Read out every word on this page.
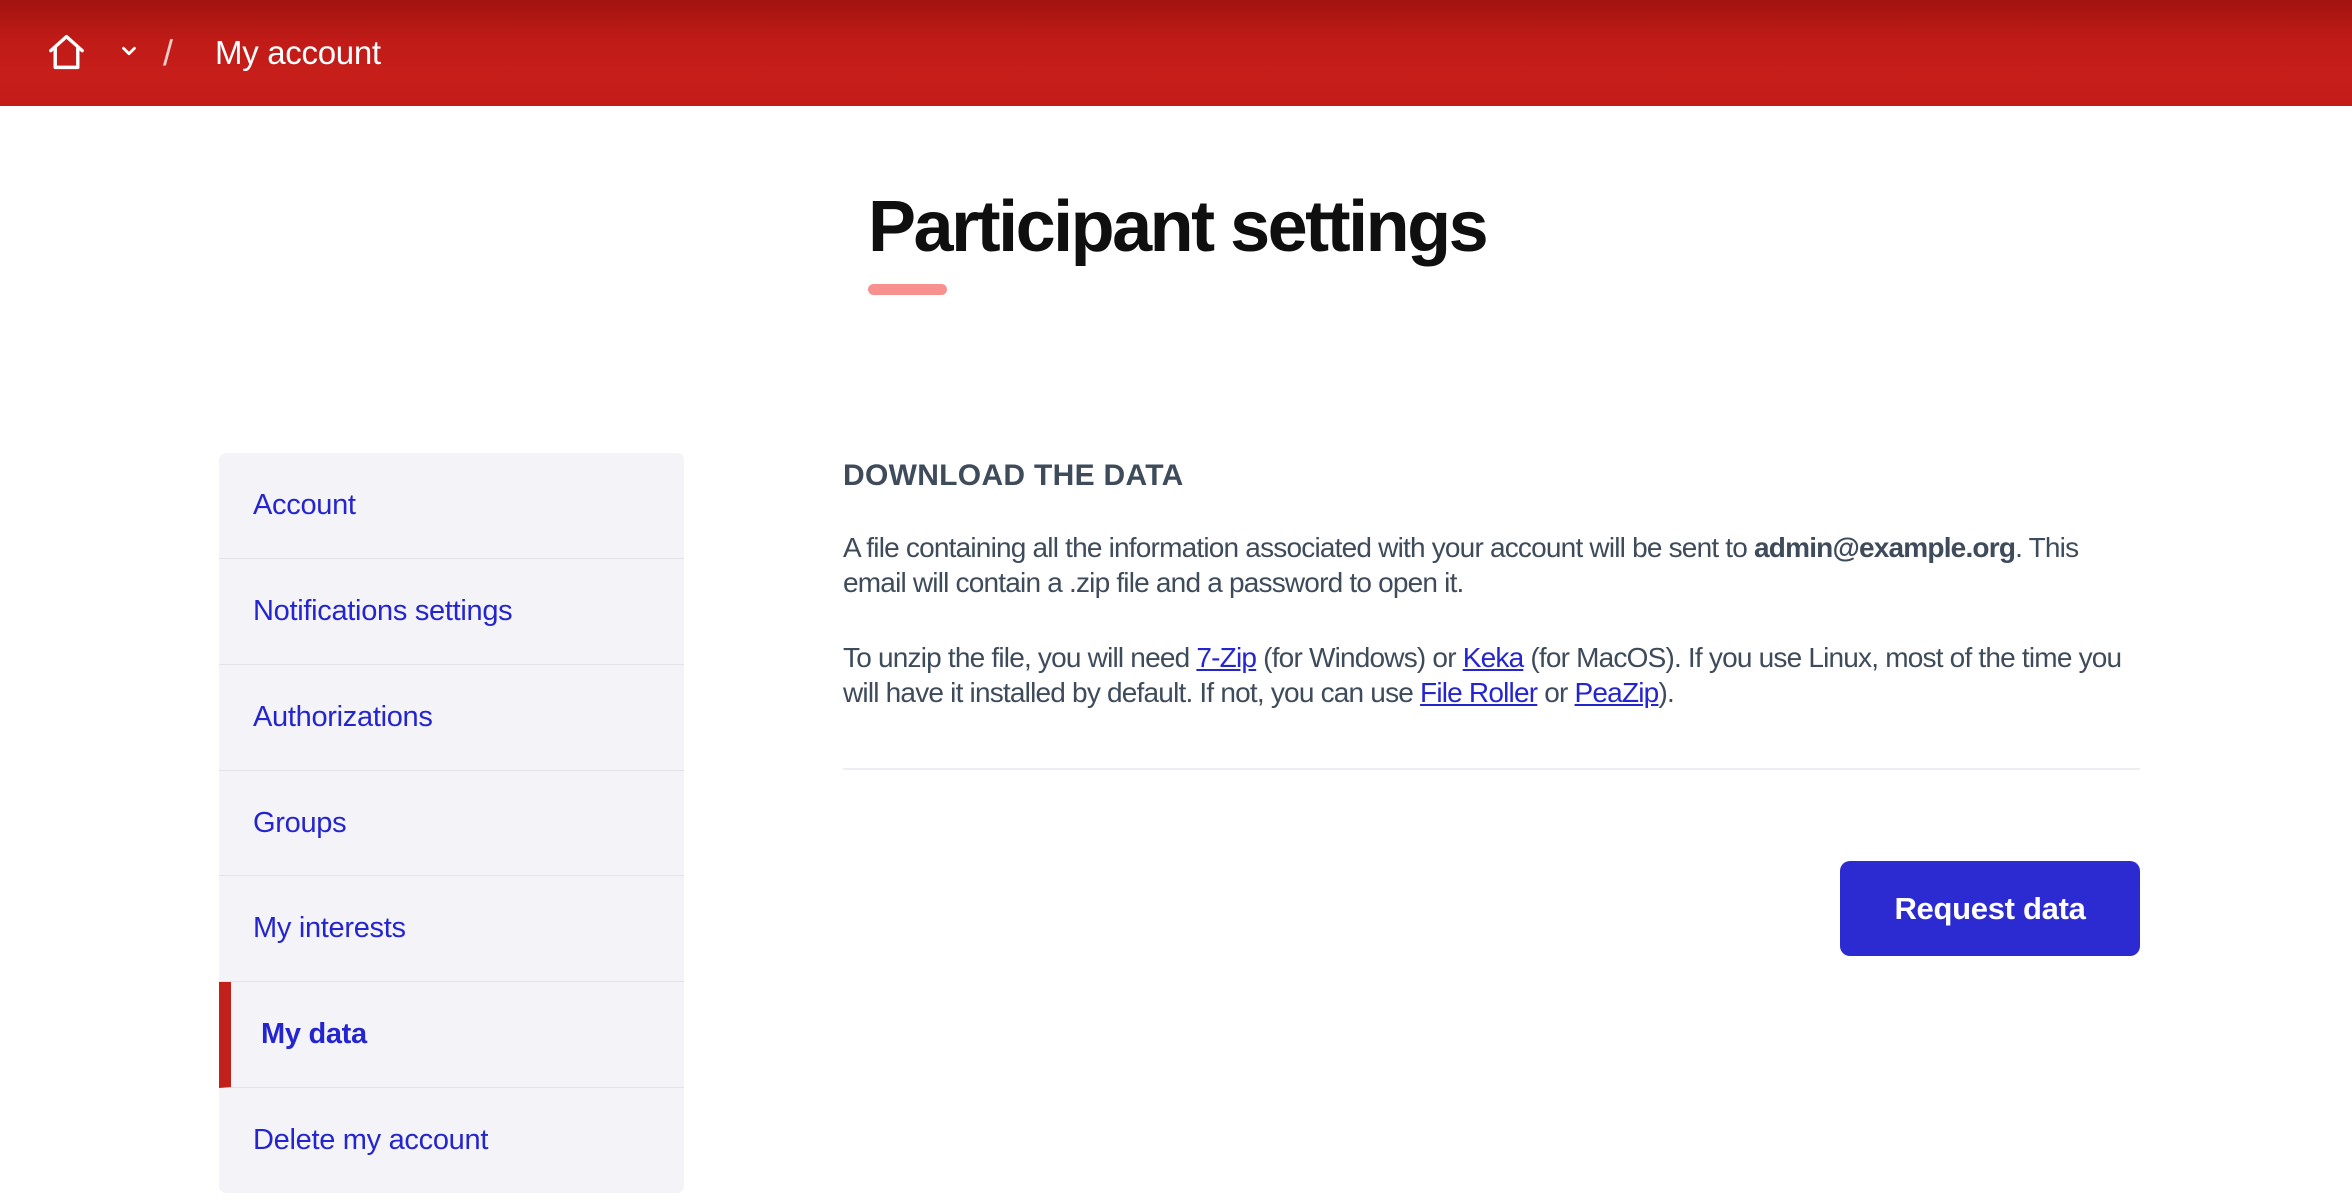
/ My account
Participant settings
Account
Notifications settings
Authorizations
Groups
My interests
My data
Delete my account
DOWNLOAD THE DATA

A file containing all the information associated with your account will be sent to admin@example.org. This email will contain a .zip file and a password to open it.

To unzip the file, you will need 7-Zip (for Windows) or Keka (for MacOS). If you use Linux, most of the time you will have it installed by default. If not, you can use File Roller or PeaZip).

Request data
